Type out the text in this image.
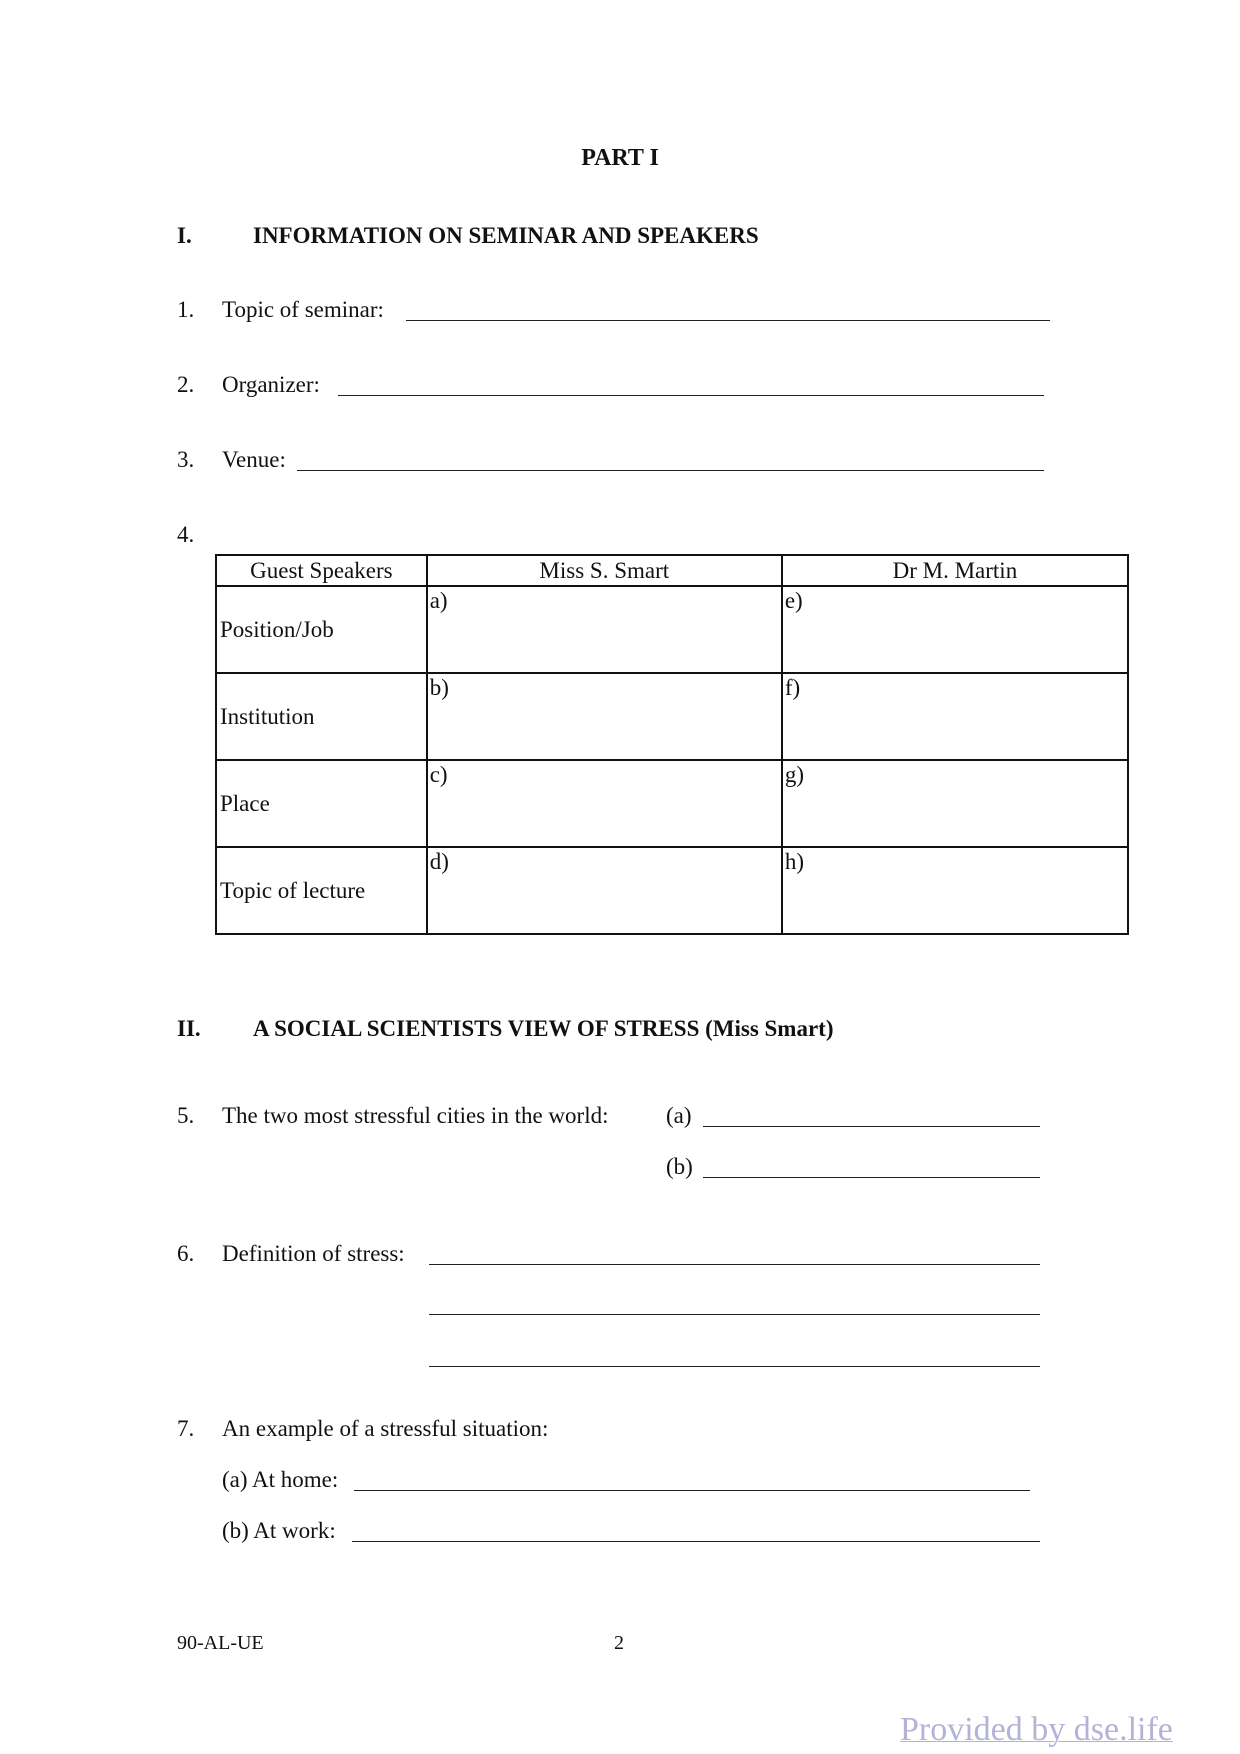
PART I
I.	INFORMATION ON SEMINAR AND SPEAKERS
1. Topic of seminar:
2. Organizer:
3. Venue:
4.
Guest Speakers	Miss S. Smart	Dr M. Martin
Position/Job	a)	e)
Institution	b)	f)
Place	c)	g)
Topic of lecture	d)	h)
II. A SOCIAL SCIENTISTS VIEW OF STRESS (Miss Smart)
5. The two most stressful cities in the world:	(a)
(b)
6. Definition of stress:
7. An example of a stressful situation:
(a) At home:
(b) At work:
90-AL-UE	2
Provided by dse.life
